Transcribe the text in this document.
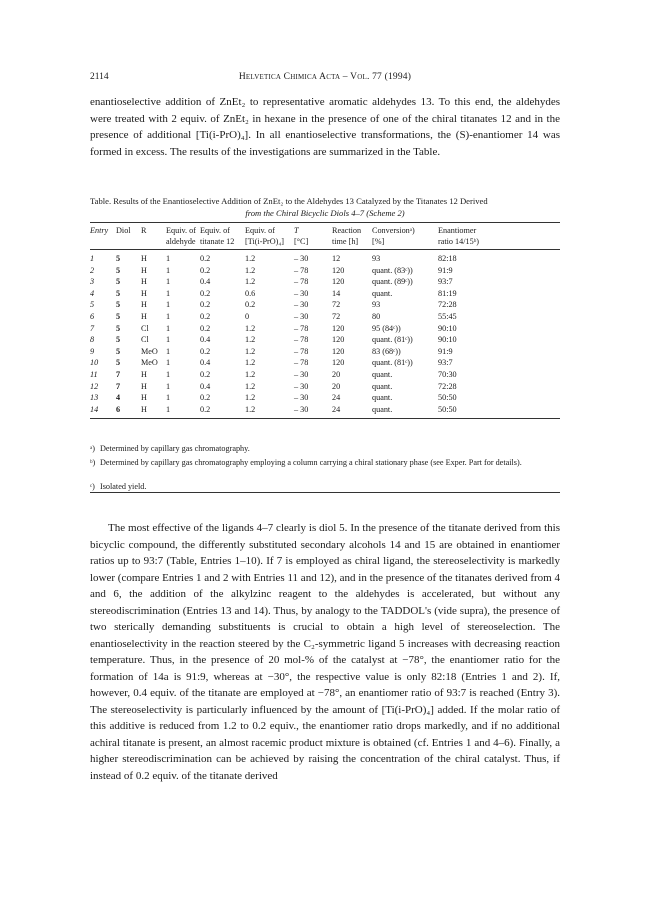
2114	Helvetica Chimica Acta – Vol. 77 (1994)

enantioselective addition of ZnEt₂ to representative aromatic aldehydes 13. To this end, the aldehydes were treated with 2 equiv. of ZnEt₂ in hexane in the presence of one of the chiral titanates 12 and in the presence of additional [Ti(i-PrO)₄]. In all enantioselective transformations, the (S)-enantiomer 14 was formed in excess. The results of the investigations are summarized in the Table.

Table. Results of the Enantioselective Addition of ZnEt₂ to the Aldehydes 13 Catalyzed by the Titanates 12 Derived
from the Chiral Bicyclic Diols 4–7 (Scheme 2)
Entry	Diol	R	Equiv. of	Equiv. of	Equiv. of	T	Reaction	Conversionᵃ)	Enantiomer
			aldehyde	titanate 12	[Ti(i-PrO)₄]	[°C]	time [h]	[%]	ratio 14/15ᵇ)
1	5	H	1	0.2	1.2	– 30	12	93	82:18
2	5	H	1	0.2	1.2	– 78	120	quant. (83ᶜ))	91:9
3	5	H	1	0.4	1.2	– 78	120	quant. (89ᶜ))	93:7
4	5	H	1	0.2	0.6	– 30	14	quant.	81:19
5	5	H	1	0.2	0.2	– 30	72	93	72:28
6	5	H	1	0.2	0	– 30	72	80	55:45
7	5	Cl	1	0.2	1.2	– 78	120	95 (84ᶜ))	90:10
8	5	Cl	1	0.4	1.2	– 78	120	quant. (81ᶜ))	90:10
9	5	MeO	1	0.2	1.2	– 78	120	83 (68ᶜ))	91:9
10	5	MeO	1	0.4	1.2	– 78	120	quant. (81ᶜ))	93:7
11	7	H	1	0.2	1.2	– 30	20	quant.	70:30
12	7	H	1	0.4	1.2	– 30	20	quant.	72:28
13	4	H	1	0.2	1.2	– 30	24	quant.	50:50
14	6	H	1	0.2	1.2	– 30	24	quant.	50:50
ᵃ) Determined by capillary gas chromatography.
ᵇ) Determined by capillary gas chromatography employing a column carrying a chiral stationary phase (see Exper. Part for details).
ᶜ) Isolated yield.

The most effective of the ligands 4–7 clearly is diol 5. In the presence of the titanate derived from this bicyclic compound, the differently substituted secondary alcohols 14 and 15 are obtained in enantiomer ratios up to 93:7 (Table, Entries 1–10). If 7 is employed as chiral ligand, the stereoselectivity is markedly lower (compare Entries 1 and 2 with Entries 11 and 12), and in the presence of the titanates derived from 4 and 6, the addition of the alkylzinc reagent to the aldehydes is accelerated, but without any stereodiscrimination (Entries 13 and 14). Thus, by analogy to the TADDOL's (vide supra), the presence of two sterically demanding substituents is crucial to obtain a high level of stereoselection. The enantioselectivity in the reaction steered by the C₂-symmetric ligand 5 increases with decreasing reaction temperature. Thus, in the presence of 20 mol-% of the catalyst at −78°, the enantiomer ratio for the formation of 14a is 91:9, whereas at −30°, the respective value is only 82:18 (Entries 1 and 2). If, however, 0.4 equiv. of the titanate are employed at −78°, an enantiomer ratio of 93:7 is reached (Entry 3). The stereoselectivity is particularly influenced by the amount of [Ti(i-PrO)₄] added. If the molar ratio of this additive is reduced from 1.2 to 0.2 equiv., the enantiomer ratio drops markedly, and if no additional achiral titanate is present, an almost racemic product mixture is obtained (cf. Entries 1 and 4–6). Finally, a higher stereodiscrimination can be achieved by raising the concentration of the chiral catalyst. Thus, if instead of 0.2 equiv. of the titanate derived
